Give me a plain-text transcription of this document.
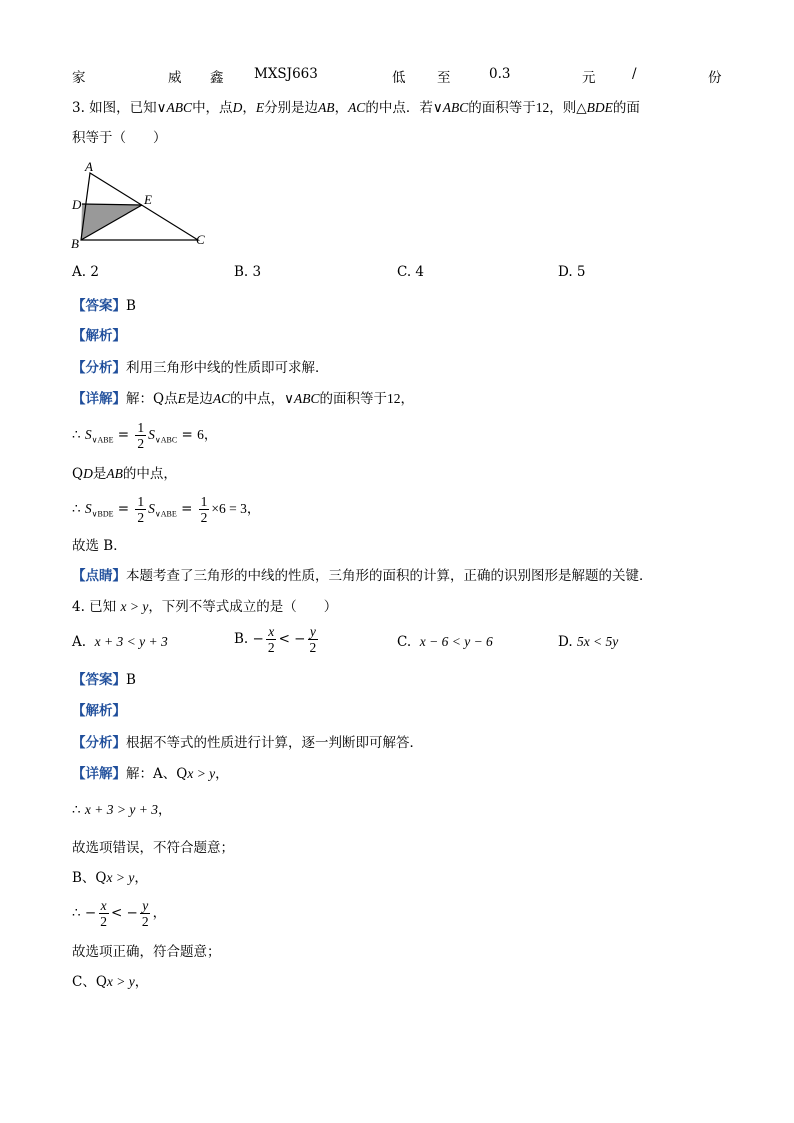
家	威 鑫 MXSJ663	低 至	0.3	元	/	份
3. 如图，已知∨ABC中，点D，E分别是边AB，AC的中点．若∨ABC的面积等于12，则△BDE的面
积等于（　　）
A
D	E
B	C
A. 2	B. 3	C. 4	D. 5
【答案】B
【解析】
【分析】利用三角形中线的性质即可求解．
【详解】解：Q点E是边AC的中点，∨ABC的面积等于12，
∴ $S_{\vee ABE} = \frac{1}{2} S_{\vee ABC} = 6$，
QD是AB的中点，
∴ $S_{\vee BDE} = \frac{1}{2} S_{\vee ABE} = \frac{1}{2} \times 6 = 3$，
故选 B．
【点睛】本题考查了三角形的中线的性质，三角形的面积的计算，正确的识别图形是解题的关键．
4. 已知 x > y，下列不等式成立的是（　　）
A. x + 3 < y + 3	B. − $\frac{x}{2}$ < − $\frac{y}{2}$	C. x − 6 < y − 6	D. 5x < 5y
【答案】B
【解析】
【分析】根据不等式的性质进行计算，逐一判断即可解答．
【详解】解：A、Qx > y，
∴ x + 3 > y + 3，
故选项错误，不符合题意；
B、Qx > y，
∴ − $\frac{x}{2}$ < − $\frac{y}{2}$ ，
故选项正确，符合题意；
C、Qx > y，
